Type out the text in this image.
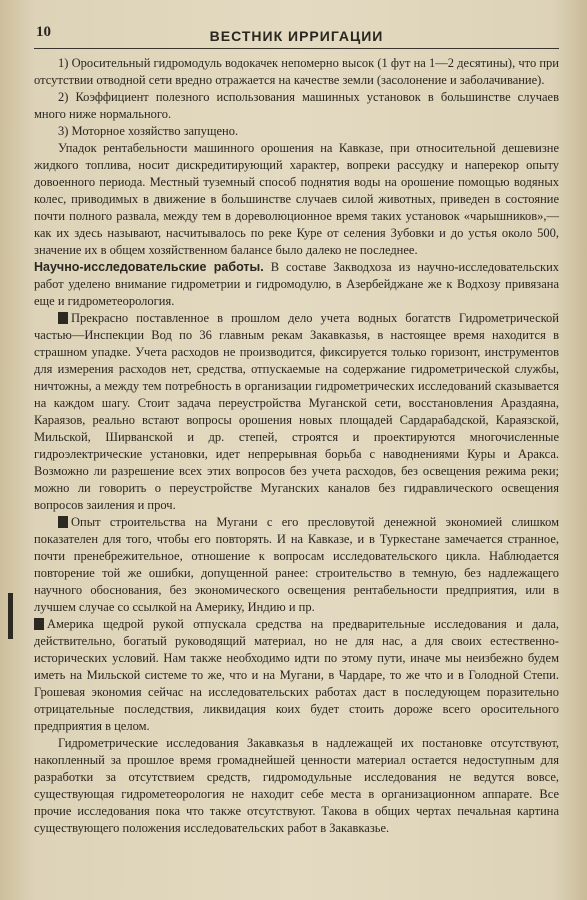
10	ВЕСТНИК ИРРИГАЦИИ

1) Оросительный гидромодуль водокачек непомерно высок (1 фут на 1—2 десятины), что при отсутствии отводной сети вредно отражается на качестве земли (засолонение и заболачивание).

2) Коэффициент полезного использования машинных установок в большинстве случаев много ниже нормального.

3) Моторное хозяйство запущено.

Упадок рентабельности машинного орошения на Кавказе, при относительной дешевизне жидкого топлива, носит дискредитирующий характер, вопреки рассудку и наперекор опыту довоенного периода. Местный туземный способ поднятия воды на орошение помощью водяных колес, приводимых в движение в большинстве случаев силой животных, приведен в состояние почти полного развала, между тем в дореволюционное время таких установок «чарышников»,—как их здесь называют, насчитывалось по реке Куре от селения Зубовки и до устья около 500, значение их в общем хозяйственном балансе было далеко не последнее.

Научно-исследовательские работы. В составе Закводхоза из научно-исследовательских работ уделено внимание гидрометрии и гидромодулю, в Азербейджане же к Водхозу привязана еще и гидрометеорология.

Прекрасно поставленное в прошлом дело учета водных богатств Гидрометрической частью—Инспекции Вод по 36 главным рекам Закавказья, в настоящее время находится в страшном упадке. Учета расходов не производится, фиксируется только горизонт, инструментов для измерения расходов нет, средства, отпускаемые на содержание гидрометрической службы, ничтожны, а между тем потребность в организации гидрометрических исследований сказывается на каждом шагу. Стоит задача переустройства Муганской сети, восстановления Араздаяна, Караязов, реально встают вопросы орошения новых площадей Сардарабадской, Караязской, Мильской, Ширванской и др. степей, строятся и проектируются многочисленные гидроэлектрические установки, идет непрерывная борьба с наводнениями Куры и Аракса. Возможно ли разрешение всех этих вопросов без учета расходов, без освещения режима реки; можно ли говорить о переустройстве Муганских каналов без гидравлического освещения вопросов заиления и проч.

Опыт строительства на Мугани с его пресловутой денежной экономией слишком показателен для того, чтобы его повторять. И на Кавказе, и в Туркестане замечается странное, почти пренебрежительное, отношение к вопросам исследовательского цикла. Наблюдается повторение той же ошибки, допущенной ранее: строительство в темную, без надлежащего научного обоснования, без экономического освещения рентабельности предприятия, или в лучшем случае со ссылкой на Америку, Индию и пр.

Америка щедрой рукой отпускала средства на предварительные исследования и дала, действительно, богатый руководящий материал, но не для нас, а для своих естественно-исторических условий. Нам также необходимо идти по этому пути, иначе мы неизбежно будем иметь на Мильской системе то же, что и на Мугани, в Чардаре, то же что и в Голодной Степи. Грошевая экономия сейчас на исследовательских работах даст в последующем поразительно отрицательные последствия, ликвидация коих будет стоить дороже всего оросительного предприятия в целом.

Гидрометрические исследования Закавказья в надлежащей их постановке отсутствуют, накопленный за прошлое время громаднейшей ценности материал остается недоступным для разработки за отсутствием средств, гидромодульные исследования не ведутся вовсе, существующая гидрометеорология не находит себе места в организационном аппарате. Все прочие исследования пока что также отсутствуют. Такова в общих чертах печальная картина существующего положения исследовательских работ в Закавказье.
